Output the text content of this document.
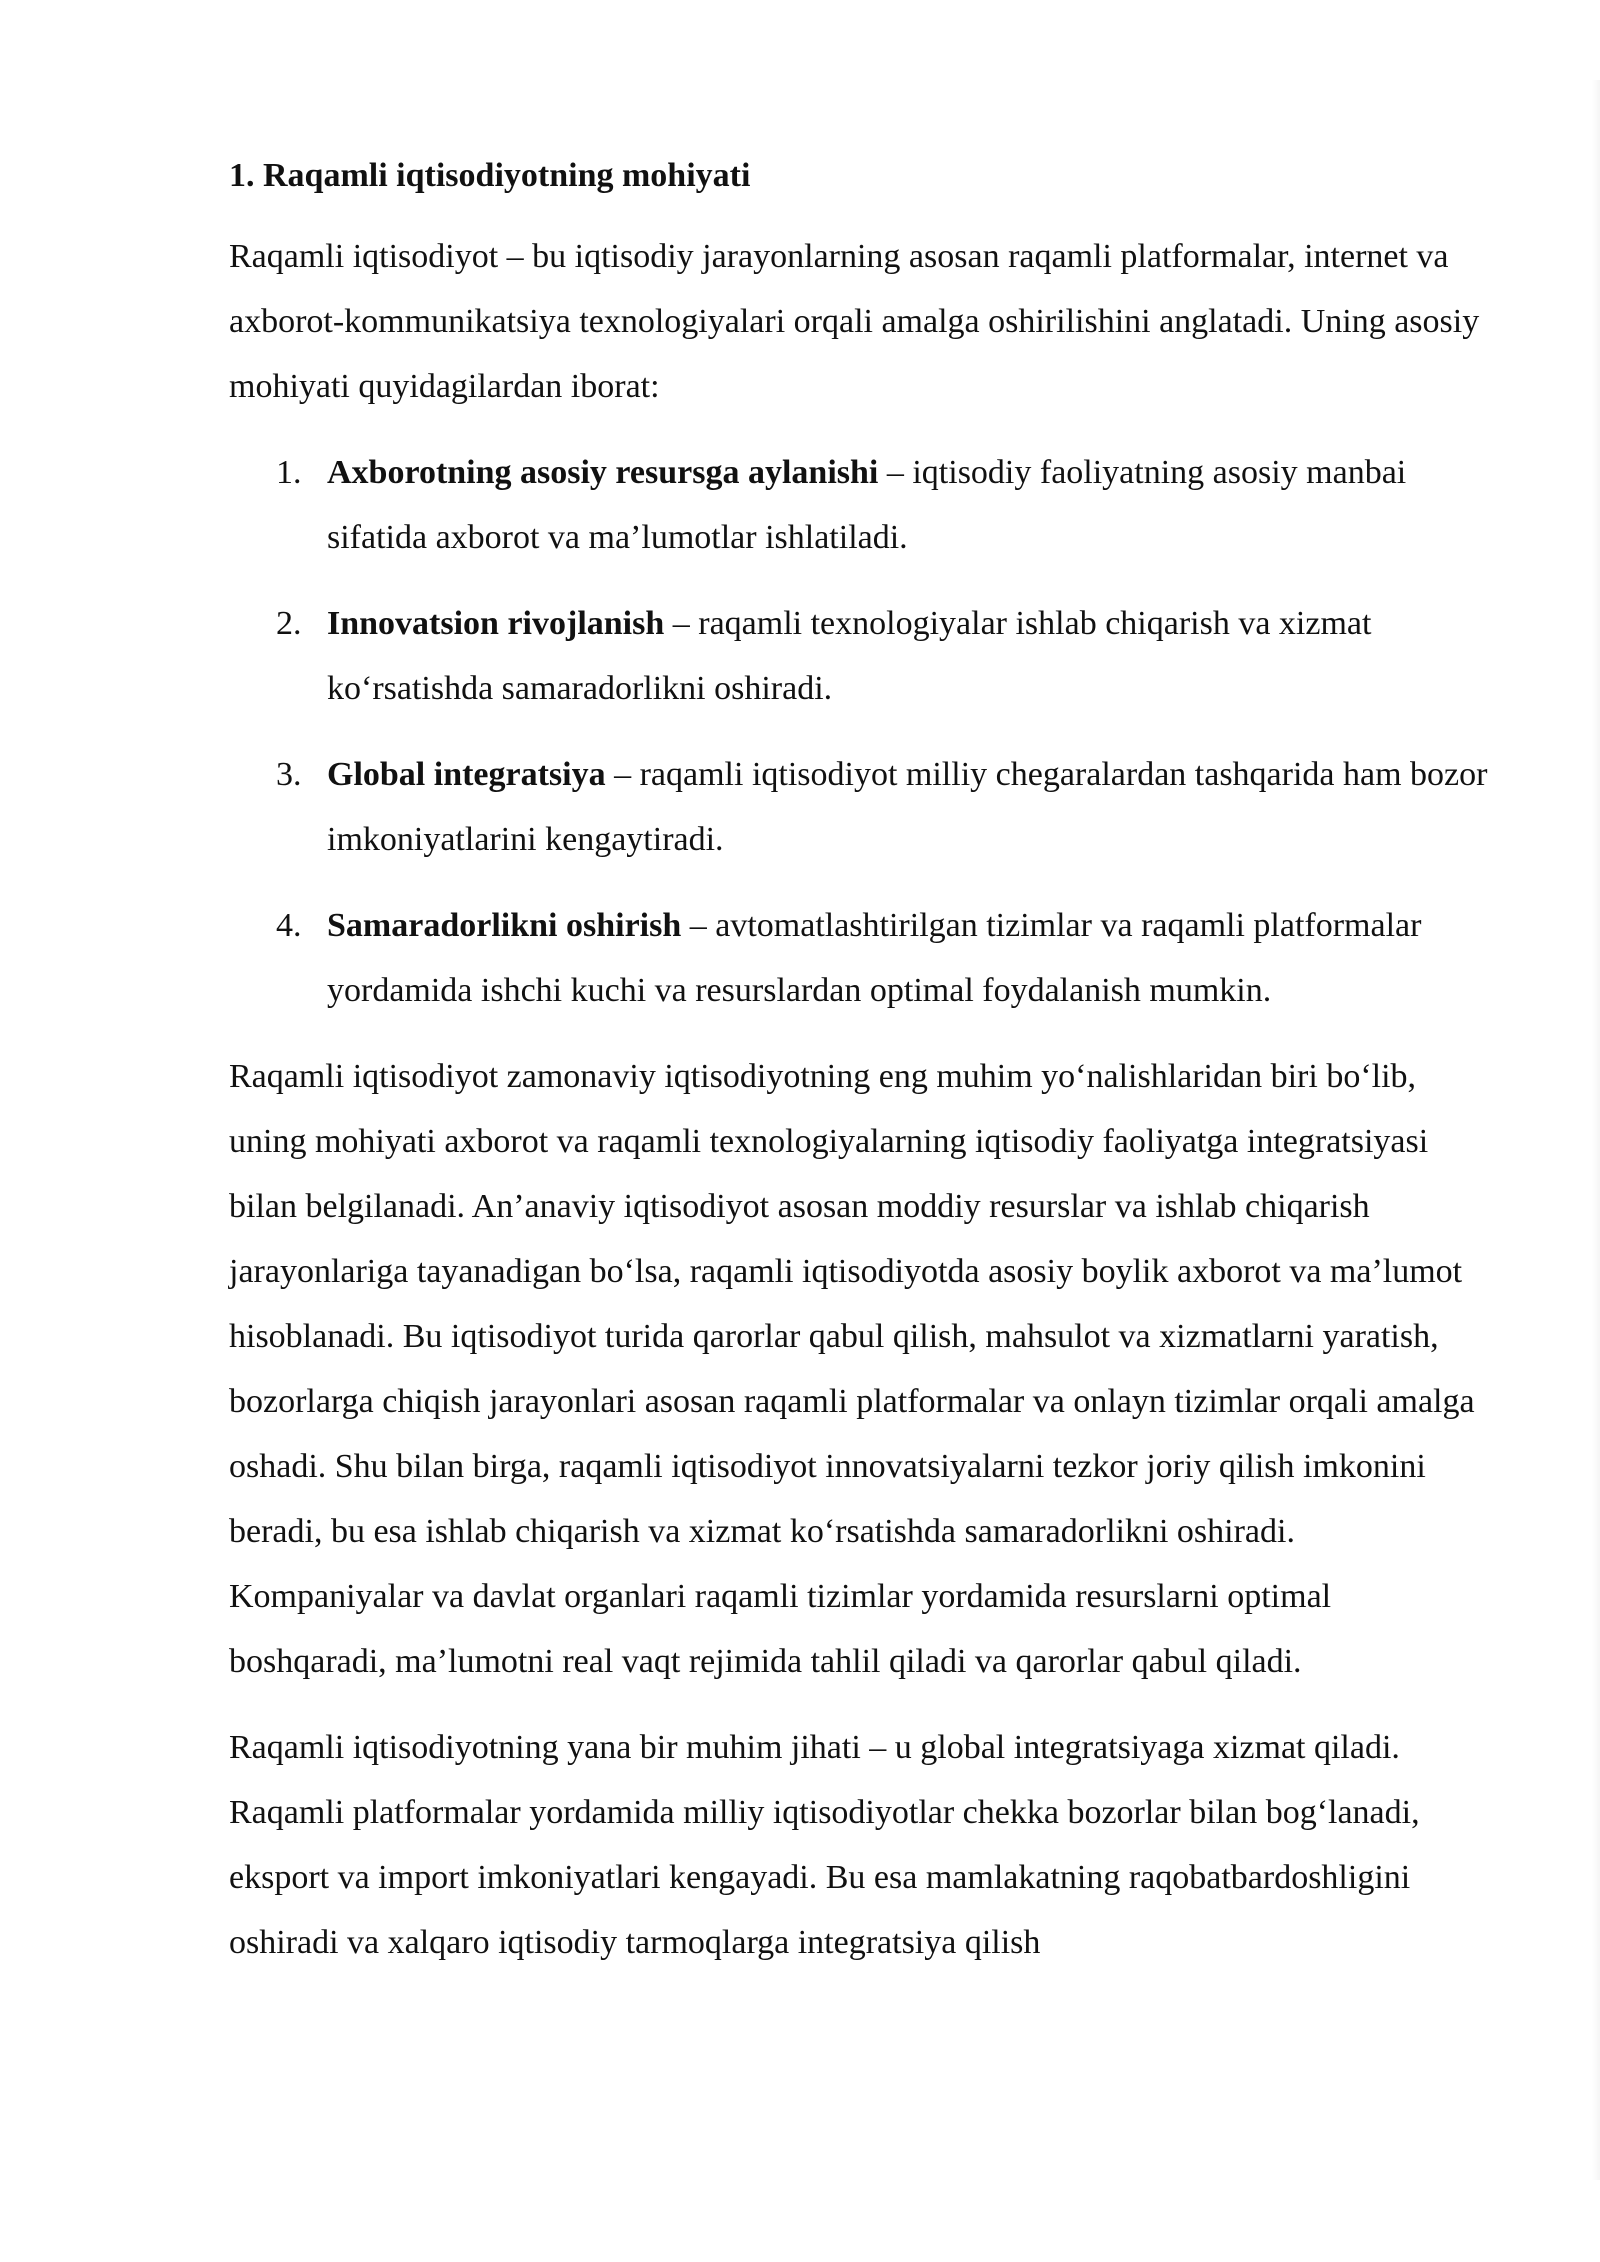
1. Raqamli iqtisodiyotning mohiyati
Raqamli iqtisodiyot – bu iqtisodiy jarayonlarning asosan raqamli platformalar, internet va axborot-kommunikatsiya texnologiyalari orqali amalga oshirilishini anglatadi. Uning asosiy mohiyati quyidagilardan iborat:
1. Axborotning asosiy resursga aylanishi – iqtisodiy faoliyatning asosiy manbai sifatida axborot va ma’lumotlar ishlatiladi.
2. Innovatsion rivojlanish – raqamli texnologiyalar ishlab chiqarish va xizmat ko‘rsatishda samaradorlikni oshiradi.
3. Global integratsiya – raqamli iqtisodiyot milliy chegaralardan tashqarida ham bozor imkoniyatlarini kengaytiradi.
4. Samaradorlikni oshirish – avtomatlashtirilgan tizimlar va raqamli platformalar yordamida ishchi kuchi va resurslardan optimal foydalanish mumkin.
Raqamli iqtisodiyot zamonaviy iqtisodiyotning eng muhim yo‘nalishlaridan biri bo‘lib, uning mohiyati axborot va raqamli texnologiyalarning iqtisodiy faoliyatga integratsiyasi bilan belgilanadi. An’anaviy iqtisodiyot asosan moddiy resurslar va ishlab chiqarish jarayonlariga tayanadigan bo‘lsa, raqamli iqtisodiyotda asosiy boylik axborot va ma’lumot hisoblanadi. Bu iqtisodiyot turida qarorlar qabul qilish, mahsulot va xizmatlarni yaratish, bozorlarga chiqish jarayonlari asosan raqamli platformalar va onlayn tizimlar orqali amalga oshadi. Shu bilan birga, raqamli iqtisodiyot innovatsiyalarni tezkor joriy qilish imkonini beradi, bu esa ishlab chiqarish va xizmat ko‘rsatishda samaradorlikni oshiradi. Kompaniyalar va davlat organlari raqamli tizimlar yordamida resurslarni optimal boshqaradi, ma’lumotni real vaqt rejimida tahlil qiladi va qarorlar qabul qiladi.
Raqamli iqtisodiyotning yana bir muhim jihati – u global integratsiyaga xizmat qiladi. Raqamli platformalar yordamida milliy iqtisodiyotlar chekka bozorlar bilan bog‘lanadi, eksport va import imkoniyatlari kengayadi. Bu esa mamlakatning raqobatbardoshligini oshiradi va xalqaro iqtisodiy tarmoqlarga integratsiya qilish
